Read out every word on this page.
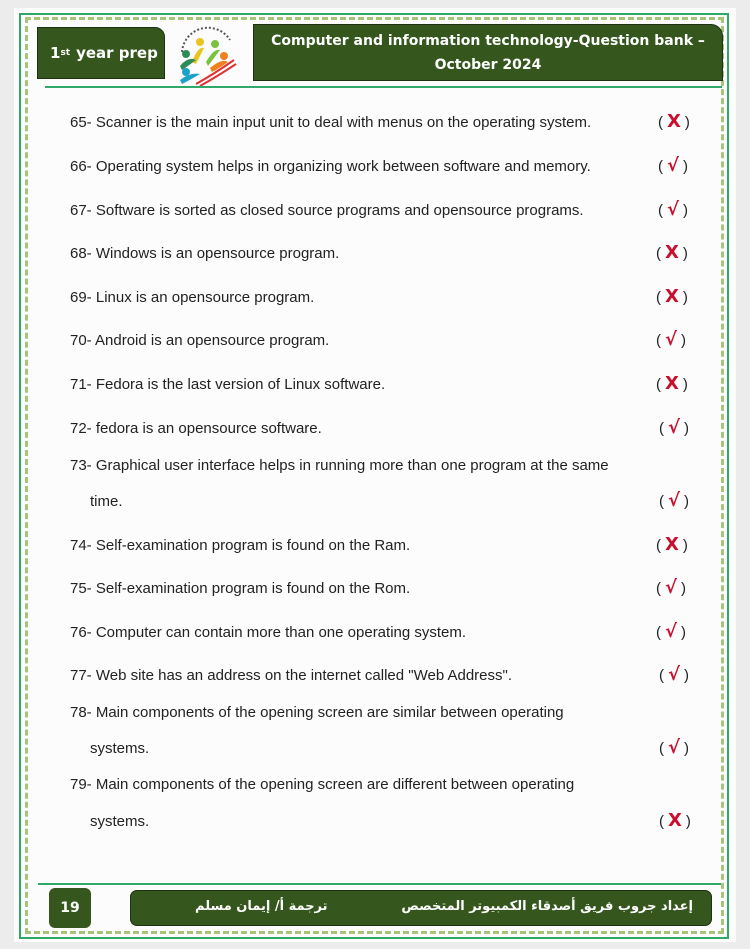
1 st year prep
Computer and information technology-Question bank –
October 2024
65- Scanner is the main input unit to deal with menus on the operating system.	( X )
66- Operating system helps in organizing work between software and memory.	( √ )
67- Software is sorted as closed source programs and opensource programs.	( √ )
68- Windows is an opensource program.	( X )
69- Linux is an opensource program.	( X )
70- Android is an opensource program.	( √ )
71- Fedora is the last version of Linux software.	( X )
72- fedora is an opensource software.	( √ )
73- Graphical user interface helps in running more than one program at the same
time.	( √ )
74- Self-examination program is found on the Ram.	( X )
75- Self-examination program is found on the Rom.	( √ )
76- Computer can contain more than one operating system.	( √ )
77- Web site has an address on the internet called "Web Address".	( √ )
78- Main components of the opening screen are similar between operating
systems.	( √ )
79- Main components of the opening screen are different between operating
systems.	( X )
19	ترجمة أ/ إيمان مسلم	إعداد جروب فريق أصدقاء الكمبيوتر المتخصص
